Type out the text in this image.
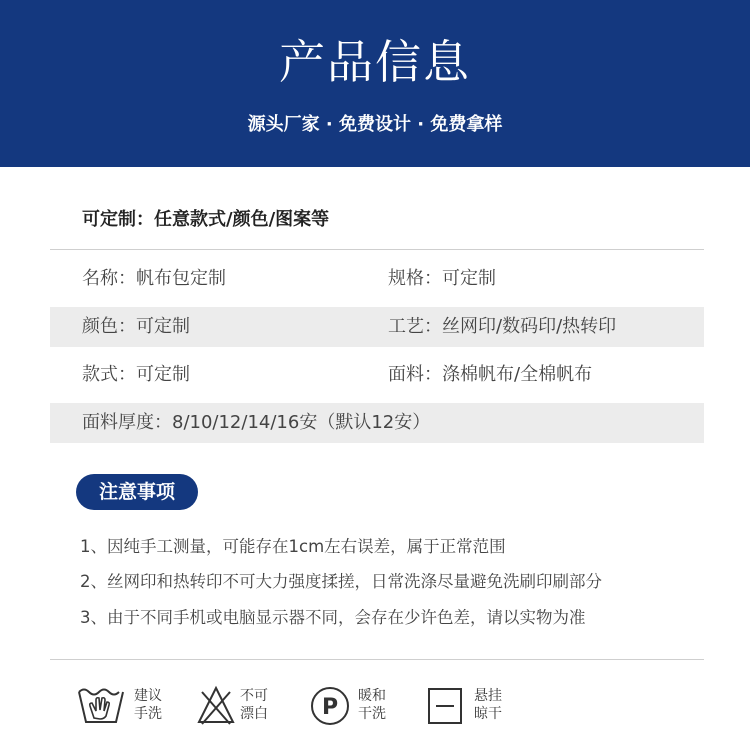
产品信息
源头厂家 · 免费设计 · 免费拿样
可定制：任意款式/颜色/图案等
名称：帆布包定制	规格：可定制
颜色：可定制	工艺：丝网印/数码印/热转印
款式：可定制	面料：涤棉帆布/全棉帆布
面料厚度：8/10/12/14/16安（默认12安）
注意事项
1、因纯手工测量，可能存在1cm左右误差，属于正常范围
2、丝网印和热转印不可大力强度揉搓，日常洗涤尽量避免洗刷印刷部分
3、由于不同手机或电脑显示器不同，会存在少许色差，请以实物为准
建议
手洗
不可
漂白 P 暖和
干洗
悬挂
晾干
